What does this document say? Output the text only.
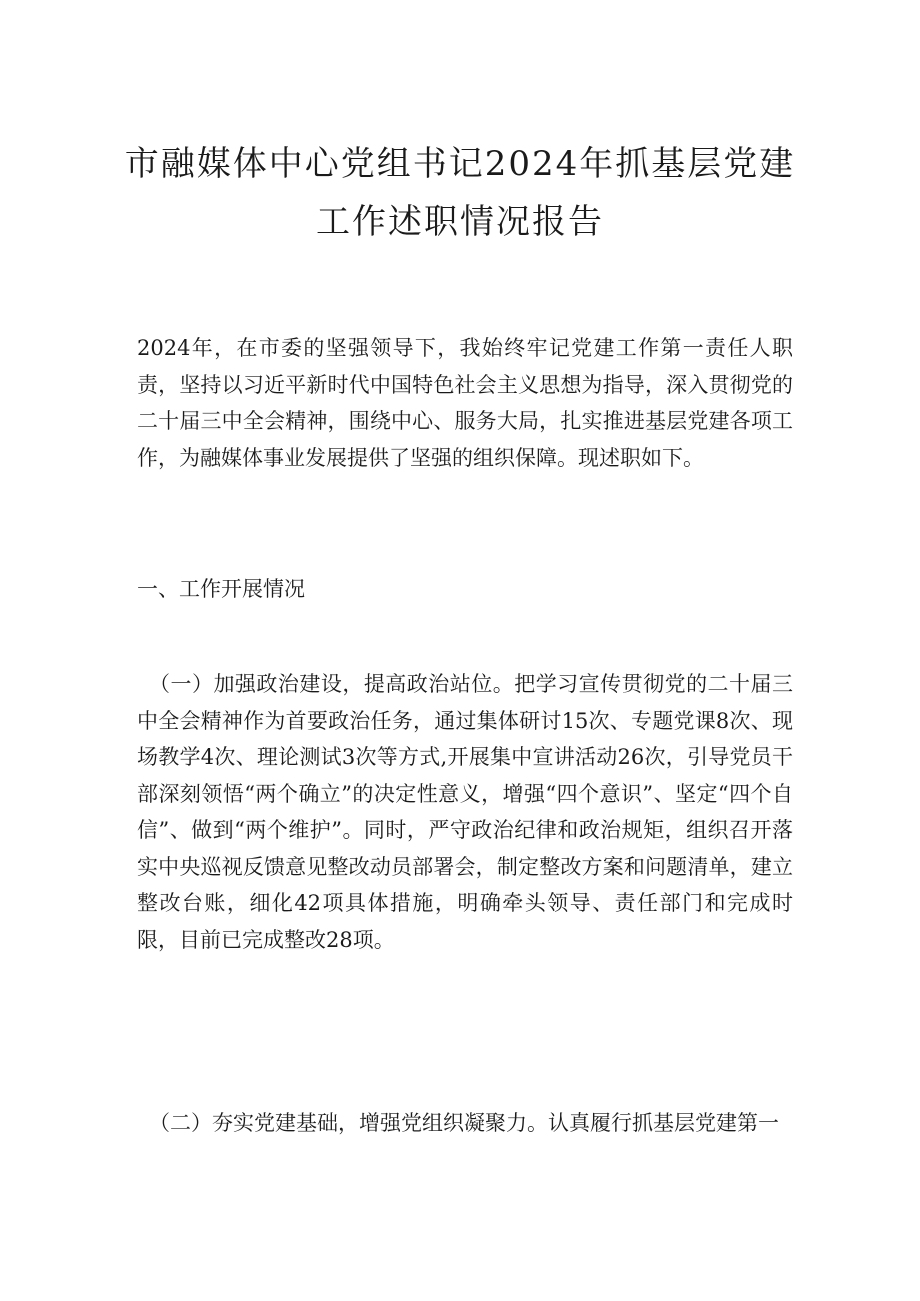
市融媒体中心党组书记2024年抓基层党建
工作述职情况报告

2024年，在市委的坚强领导下，我始终牢记党建工作第一责任人职责，坚持以习近平新时代中国特色社会主义思想为指导，深入贯彻党的二十届三中全会精神，围绕中心、服务大局，扎实推进基层党建各项工作，为融媒体事业发展提供了坚强的组织保障。现述职如下。

一、工作开展情况

（一）加强政治建设，提高政治站位。把学习宣传贯彻党的二十届三中全会精神作为首要政治任务，通过集体研讨15次、专题党课8次、现场教学4次、理论测试3次等方式,开展集中宣讲活动26次，引导党员干部深刻领悟“两个确立”的决定性意义，增强“四个意识”、坚定“四个自信”、做到“两个维护”。同时，严守政治纪律和政治规矩，组织召开落实中央巡视反馈意见整改动员部署会，制定整改方案和问题清单，建立整改台账，细化42项具体措施，明确牵头领导、责任部门和完成时限，目前已完成整改28项。

（二）夯实党建基础，增强党组织凝聚力。认真履行抓基层党建第一
